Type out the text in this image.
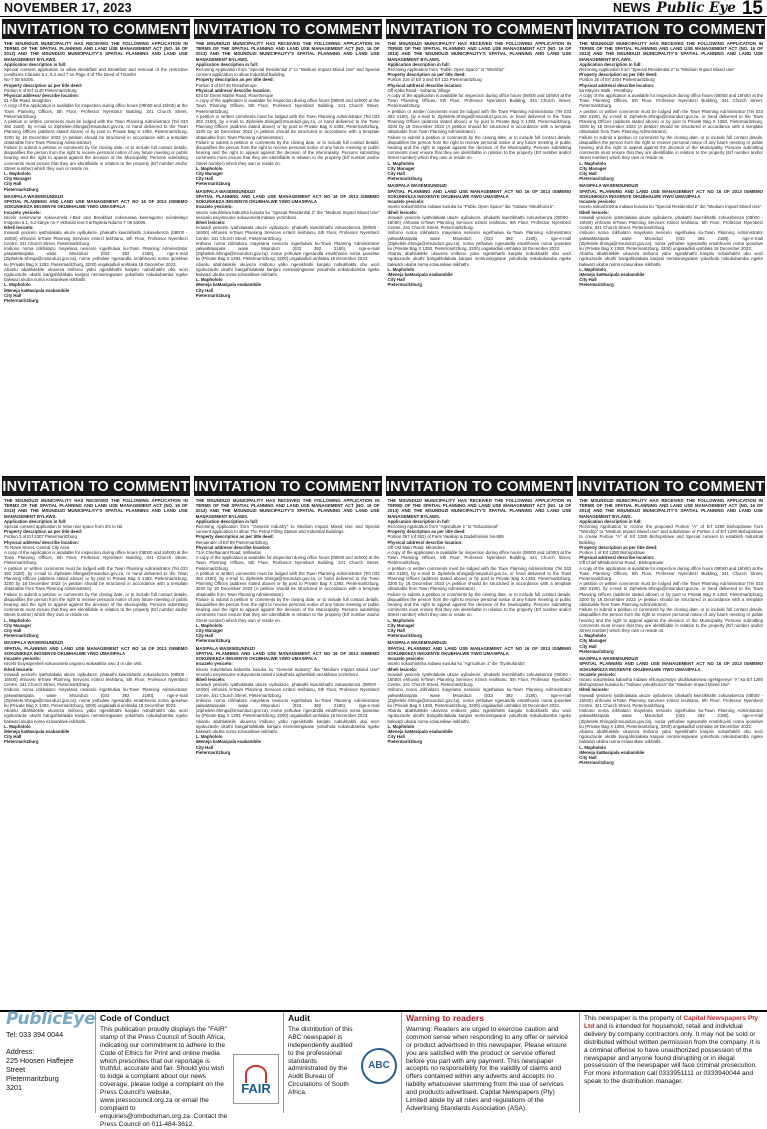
NOVEMBER 17, 2023	NEWS Public Eye 15
INVITATION TO COMMENT

THE MSUNDUZI MUNICIPALITY HAS RECEIVED THE FOLLOWING APPLICATION IN TERMS OF THE SPATIAL PLANNING AND LAND USE MANAGEMENT ACT (NO. 16 OF 2013) AND THE MSUNDUZI MUNICIPALITY'S SPATIAL PLANNING AND LAND USE MANAGEMENT BYLAWS.

Application description in full:

Special consent application to allow Breakfast and Breakfast and removal of the restrictive conditions Clauses 6.1, 6.2 and 7 on Page 3 of The Deed of Transfer

No-T 08 54006.

Property description as per title deed:

Portion 8 of Erf 1140 Pietermaritzburg

Physical address/ describe location:

51 Alfie Road, Boughton

A copy of the application is available for inspection during office hours (08h00 and 16h00) at the Town Planning Offices, 5th Floor, Professor Nyembezi Building, 341 Church Street, Pietermaritzburg.

A petition or written comments must be lodged with the Town Planning Administrator (Tel 033 392 2180), by e-mail to Ziphelele.Shinga@msunduzi.gov.za, or hand delivered to the Town Planning Offices (address stated above) or by post to Private Bag X 1393, Pietermaritzburg, 3200 by 18 December 2023 (A petition should be structured in accordance with a template obtainable from Town Planning Administrator).

Failure to submit a petition or comments by the closing date, or to include full contact details, disqualifies the person from the right to receive personal notice of any future meeting or public hearing and the right to appeal against the decision of the Municipality. Persons submitting comments must ensure that they are identifiable in relation to the property (Erf number and/or Street number) which they own or reside on.

L. Maphololo

City Manager

City Hall

Pietermaritzburg

MASIPALA WASEMSUNDUZI

SPATIAL PLANNING AND LAND USE MANAGEMENT ACT NO 16 OF 2013 ISIMEMO SOKUNIKEZA INGXENYE OKUBHALWE YIWO UMASIPALA

Incazelo yesicelo:

Isicelo sesimvume sokuvumela i-Bed and Breakfast nokususwa kwemigomo evimbelayo Imigomo 6.1, 6.2 kanye no-7 ekhasini lesi-3 leTayitela Ndumo T 08 54006.

Ikheli lesicelo:

Inowadi yesicelo iyatholakala ukuze uyibukeze, phakathi kwezikhathi zokusebenza (08h00 - 16h00) ehhovisi leTown Planning Services ezitezi lesihlanu, 5th Floor, Professor Nyembezi Centre, 341 Church Street, Pietermaritzburg.

Imibono noma izikhalazo mayelana nesicelo ingethulwa ku-Town Planning Administrator yakwaMasipala wase Msunduzi (033 392 2180), nge-e-mail (Ziphelele.Shinga@msunduzi.gov.za), noma yethulwe ngesandla emahhovisi noma iposelwe ku (Private Bag X 1393, Pietermaritzburg, 3200) ungakadluli umhlaka 18 December 2023.

Abantu abahlulekile ukuveza imibono yabo ngesikhathi kanjalo nobukhakhi obu wozi ngokuzacile ukuthi bangahlolakala kanjani nemininingwane yokuthola nokukubamba ngeke bakwazi ukuba noma eziwunikwe isikhathi.

L. Maphololo

iMeneja kaMasipala esabambile

City Hall

Pietermaritzburg

INVITATION TO COMMENT

THE MSUNDUZI MUNICIPALITY HAS RECEIVED THE FOLLOWING APPLICATION IN TERMS OF THE SPATIAL PLANNING AND LAND USE MANAGEMENT ACT (NO. 16 OF 2013) AND THE MSUNDUZI MUNICIPALITY'S SPATIAL PLANNING AND LAND USE MANAGEMENT BYLAWS.

Application description in full:

Rezoning Application from "Special Residential 2" to "Medium Impact Mixed Use" and Special consent application to allow Industrial Building.

Property description as per title deed:

Portion 3 of Erf 30 Rosetherope

Physical address/ describe location:

634 Dr Denis Mathe Road, Rosetherope

A copy of the application is available for inspection during office hours (08h00 and 16h00) at the Town Planning Offices, 5th Floor, Professor Nyembezi Building, 341 Church Street, Pietermaritzburg.

A petition or written comments must be lodged with the Town Planning Administrator (Tel 033 392 2180), by e-mail to Ziphelele.Shinga@msunduzi.gov.za, or hand delivered to the Town Planning Offices (address stated above) or by post to Private Bag X 1393, Pietermaritzburg, 3200 by 18 December 2023 (A petition should be structured in accordance with a template obtainable from Town Planning Administrator).

Failure to submit a petition or comments by the closing date, or to include full contact details, disqualifies the person from the right to receive personal notice of any future meeting or public hearing and the right to appeal against the decision of the Municipality. Persons submitting comments must ensure that they are identifiable in relation to the property (Erf number and/or Street number) which they own or reside on.

L. Maphololo

City Manager

City Hall

Pietermaritzburg

MASIPALA WASEMSUNDUZI

SPATIAL PLANNING AND LAND USE MANAGEMENT ACT NO 16 OF 2013 ISIMEMO SOKUNIKEZA INGXENYE OKUBHALWE YIWO UMASIPALA

Incazelo yesicelo:

Isicelo sokuhlelwa kabusha kusuka ku "Special Residential 2" ibe "Medium Impact Mixed Use" nesicelo esiyimvume sokuvumela indawo yezimboni.

Ikheli lesicelo:

Inowadi yesicelo iyatholakala ukuze uyibukeze, phakathi kwezikhathi zokusebenza (08h00 - 16h00) ehhovisi leTown Planning Services ezitezi lesihlanu, 5th Floor, Professor Nyembezi Centre, 341 Church Street, Pietermaritzburg.

Imibono noma izikhalazo mayelana nesicelo ingethulwa ku-Town Planning Administrator yakwaMasipala wase Msunduzi (033 392 2180), nge-e-mail (Ziphelele.Shinga@msunduzi.gov.za), noma yethulwe ngesandla emahhovisi noma iposelwe ku (Private Bag X 1393, Pietermaritzburg, 3200) ungakadluli umhlaka 18 December 2023.

Abantu abahlulekile ukuveza imibono yabo ngesikhathi kanjalo nobukhakhi obu wozi ngokuzacile ukuthi bangahlolakala kanjani nemininingwane yokuthola nokukubamba ngeke bakwazi ukuba noma eziwunikwe isikhathi.

L. Maphololo

iMeneja kaMasipala esabambile

City Hall

Pietermaritzburg

INVITATION TO COMMENT

THE MSUNDUZI MUNICIPALITY HAS RECEIVED THE FOLLOWING APPLICATION IN TERMS OF THE SPATIAL PLANNING AND LAND USE MANAGEMENT ACT (NO. 16 OF 2013) AND THE MSUNDUZI MUNICIPALITY'S SPATIAL PLANNING AND LAND USE MANAGEMENT BYLAWS.

Application description in full:

Rezoning Application from "Public Open Space" to "Worship"

Property description as per title deed:

Portion 216 of Erf 2 and Erf 122 Pietermaritzburg

Physical address/ describe location:

Off Kaba Road - Sobantu Village

A copy of the application is available for inspection during office hours (08h00 and 16h00) at the Town Planning Offices, 5th Floor, Professor Nyembezi Building, 341 Church Street, Pietermaritzburg.

A petition or written comments must be lodged with the Town Planning Administrator (Tel 033 392 2180), by e-mail to Ziphelele.Shinga@msunduzi.gov.za, or hand delivered to the Town Planning Offices (address stated above) or by post to Private Bag X 1393, Pietermaritzburg, 3200 by 18 December 2023 (A petition should be structured in accordance with a template obtainable from Town Planning Administrator).

Failure to submit a petition or comments by the closing date, or to include full contact details, disqualifies the person from the right to receive personal notice of any future meeting or public hearing and the right to appeal against the decision of the Municipality. Persons submitting comments must ensure that they are identifiable in relation to the property (Erf number and/or Street number) which they own or reside on.

L. Maphololo

City Manager

City Hall

Pietermaritzburg

MASIPALA WASEMSUNDUZI

SPATIAL PLANNING AND LAND USE MANAGEMENT ACT NO 16 OF 2013 ISIMEMO SOKUNIKEZA INGXENYE OKUBHALWE YIWO UMASIPALA

Incazelo yesicelo:

Isicelo sokushintsha indawo kusuka ku "Public Open Space" iba "Indawo Yokukhonza".

Ikheli lesicelo:

Inowadi yesicelo iyatholakala ukuze uyibukeze, phakathi kwezikhathi zokusebenza (08h00 - 16h00) ehhovisi leTown Planning Services ezitezi lesihlanu, 5th Floor, Professor Nyembezi Centre, 341 Church Street, Pietermaritzburg.

Imibono noma izikhalazo mayelana nesicelo ingethulwa ku-Town Planning Administrator yakwaMasipala wase Msunduzi (033 392 2180), nge-e-mail (Ziphelele.Shinga@msunduzi.gov.za), noma yethulwe ngesandla emahhovisi noma iposelwe ku (Private Bag X 1393, Pietermaritzburg, 3200) ungakadluli umhlaka 18 December 2023.

Abantu abahlulekile ukuveza imibono yabo ngesikhathi kanjalo nobukhakhi obu wozi ngokuzacile ukuthi bangahlolakala kanjani nemininingwane yokuthola nokukubamba ngeke bakwazi ukuba noma eziwunikwe isikhathi.

L. Maphololo

iMeneja kaMasipala esabambile

City Hall

Pietermaritzburg

INVITATION TO COMMENT

THE MSUNDUZI MUNICIPALITY HAS RECEIVED THE FOLLOWING APPLICATION IN TERMS OF THE SPATIAL PLANNING AND LAND USE MANAGEMENT ACT (NO. 16 OF 2013) AND THE MSUNDUZI MUNICIPALITY'S SPATIAL PLANNING AND LAND USE MANAGEMENT BYLAWS.

Application description in full:

Rezoning Application from "Special Residential 2" to "Medium Impact Mixed Use"

Property description as per title deed:

Portion 26 of Erf 3304 Pietermaritzburg

Physical address/ describe location:

5a Mayors Walk - Prestbury

A copy of the application is available for inspection during office hours (08h00 and 16h00) at the Town Planning Offices, 5th Floor, Professor Nyembezi Building, 341 Church Street, Pietermaritzburg.

A petition or written comments must be lodged with the Town Planning Administrator (Tel 033 392 2180), by e-mail to Ziphelele.Shinga@msunduzi.gov.za, or hand delivered to the Town Planning Offices (address stated above) or by post to Private Bag X 1393, Pietermaritzburg, 3200 by 18 December 2023 (A petition should be structured in accordance with a template obtainable from Town Planning Administrator).

Failure to submit a petition or comments by the closing date, or to include full contact details, disqualifies the person from the right to receive personal notice of any future meeting or public hearing and the right to appeal against the decision of the Municipality. Persons submitting comments must ensure that they are identifiable in relation to the property (Erf number and/or Street number) which they own or reside on.

L. Maphololo

City Manager

City Hall

Pietermaritzburg

MASIPALA WASEMSUNDUZI

SPATIAL PLANNING AND LAND USE MANAGEMENT ACT NO 16 OF 2013 ISIMEMO SOKUNIKEZA INGXENYE OKUBHALWE YIWO UMASIPALA

Incazelo yesicelo:

Isicelo sokushintsha indawo kusuka ku "Special Residential 2" ibe "Medium Impact Mixed Use".

Ikheli lesicelo:

Inowadi yesicelo iyatholakala ukuze uyibukeze, phakathi kwezikhathi zokusebenza (08h00 - 16h00) ehhovisi leTown Planning Services ezitezi lesihlanu, 5th Floor, Professor Nyembezi Centre, 341 Church Street, Pietermaritzburg.

Imibono noma izikhalazo mayelana nesicelo ingethulwa ku-Town Planning Administrator yakwaMasipala wase Msunduzi (033 392 2180), nge-e-mail (Ziphelele.Shinga@msunduzi.gov.za), noma yethulwe ngesandla emahhovisi noma iposelwe ku (Private Bag X 1393, Pietermaritzburg, 3200) ungakadluli umhlaka 18 December 2023.

Abantu abahlulekile ukuveza imibono yabo ngesikhathi kanjalo nobukhakhi obu wozi ngokuzacile ukuthi bangahlolakala kanjani nemininingwane yokuthola nokukubamba ngeke bakwazi ukuba noma eziwunikwe isikhathi.

L. Maphololo

iMeneja kaMasipala esabambile

City Hall

Pietermaritzburg

INVITATION TO COMMENT

THE MSUNDUZI MUNICIPALITY HAS RECEIVED THE FOLLOWING APPLICATION IN TERMS OF THE SPATIAL PLANNING AND LAND USE MANAGEMENT ACT (NO. 16 OF 2013) AND THE MSUNDUZI MUNICIPALITY'S SPATIAL PLANNING AND LAND USE MANAGEMENT BYLAWS.

Application description in full:

Special consent application to relax rear space from 3m to Nil.

Property description as per title deed:

Portion 3 of Erf 2307 Pietermaritzburg

Physical address/ describe location:

75 Rowe Street, Central City Area

A copy of the application is available for inspection during office hours (08h00 and 16h00) at the Town Planning Offices, 5th Floor, Professor Nyembezi Building, 341 Church Street, Pietermaritzburg.

A petition or written comments must be lodged with the Town Planning Administrator (Tel 033 392 2180), by e-mail to Ziphelele.Shinga@msunduzi.gov.za, or hand delivered to the Town Planning Offices (address stated above) or by post to Private Bag X 1393, Pietermaritzburg, 3200 by 18 December 2023 (A petition should be structured in accordance with a template obtainable from Town Planning Administrator).

Failure to submit a petition or comments by the closing date, or to include full contact details, disqualifies the person from the right to receive personal notice of any future meeting or public hearing and the right to appeal against the decision of the Municipality. Persons submitting comments must ensure that they are identifiable in relation to the property (Erf number and/or Street number) which they own or reside on.

L. Maphololo

City Manager

City Hall

Pietermaritzburg

MASIPALA WASEMSUNDUZI

SPATIAL PLANNING AND LAND USE MANAGEMENT ACT NO 16 OF 2013 ISIMEMO SOKUNIKEZA INGXENYE OKUBHALWE YIWO UMASIPALA

Incazelo yesicelo:

Isicelo Esiyisipesheli sokuvumela ungamo wokwakha owu 3 m ube uNil.

Ikheli lesicelo:

Inowadi yesicelo iyatholakala ukuze uyibukeze, phakathi kwezikhathi zokusebenza (08h00 - 16h00) ehhovisi leTown Planning Services ezitezi lesihlanu, 5th Floor, Professor Nyembezi Centre, 341 Church Street, Pietermaritzburg.

Imibono noma izikhalazo mayelana nesicelo ingethulwa ku-Town Planning Administrator yakwaMasipala wase Msunduzi (033 392 2180), nge-e-mail (Ziphelele.Shinga@msunduzi.gov.za), noma yethulwe ngesandla emahhovisi noma iposelwe ku (Private Bag X 1393, Pietermaritzburg, 3200) ungakadluli umhlaka 18 December 2023.

Abantu abahlulekile ukuveza imibono yabo ngesikhathi kanjalo nobukhakhi obu wozi ngokuzacile ukuthi bangahlolakala kanjani nemininingwane yokuthola nokukubamba ngeke bakwazi ukuba noma eziwunikwe isikhathi.

L. Maphololo

iMeneja kaMasipala esabambile

City Hall

Pietermaritzburg

INVITATION TO COMMENT

THE MSUNDUZI MUNICIPALITY HAS RECEIVED THE FOLLOWING APPLICATION IN TERMS OF THE SPATIAL PLANNING AND LAND USE MANAGEMENT ACT (NO. 16 OF 2013) AND THE MSUNDUZI MUNICIPALITY'S SPATIAL PLANNING AND LAND USE MANAGEMENT BYLAWS.

Application description in full:

Rezoning Application from "General Industry" to Medium Impact Mixed Use and Special consent application to allow The Petrol Filling Station and Industrial Buildings.

Property description as per title deed:

Remainder of Erf 89 Pietermaritzburg

Physical address/ describe location:

71/A Chieftainant Road, Willowton

A copy of the application is available for inspection during office hours (08h00 and 16h00) at the Town Planning Offices, 5th Floor, Professor Nyembezi Building, 341 Church Street, Pietermaritzburg.

A petition or written comments must be lodged with the Town Planning Administrator (Tel 033 392 2180), by e-mail to Ziphelele.Shinga@msunduzi.gov.za, or hand delivered to the Town Planning Offices (address stated above) or by post to Private Bag X 1393, Pietermaritzburg, 3200 by 18 December 2023 (A petition should be structured in accordance with a template obtainable from Town Planning Administrator).

Failure to submit a petition or comments by the closing date, or to include full contact details, disqualifies the person from the right to receive personal notice of any future meeting or public hearing and the right to appeal against the decision of the Municipality. Persons submitting comments must ensure that they are identifiable in relation to the property (Erf number and/or Street number) which they own or reside on.

L. Maphololo

City Manager

City Hall

Pietermaritzburg

MASIPALA WASEMSUNDUZI

SPATIAL PLANNING AND LAND USE MANAGEMENT ACT NO 16 OF 2013 ISIMEMO SOKUNIKEZA INGXENYE OKUBHALWE YIWO UMASIPALA

Incazelo yesicelo:

Isicelo sokuhlelwa kabusha kusuka ku "General Industry" iba "Medium Impact Mixed Use" nesicelo esiyimvume sokuvumela isiteshi sokuthela uphethiloli nezakhiwo zezimboni.

Ikheli lesicelo:

Inowadi yesicelo iyatholakala ukuze uyibukeze, phakathi kwezikhathi zokusebenza (08h00 - 16h00) ehhovisi leTown Planning Services ezitezi lesihlanu, 5th Floor, Professor Nyembezi Centre, 341 Church Street, Pietermaritzburg.

Imibono noma izikhalazo mayelana nesicelo ingethulwa ku-Town Planning Administrator yakwaMasipala wase Msunduzi (033 392 2180), nge-e-mail (Ziphelele.Shinga@msunduzi.gov.za), noma yethulwe ngesandla emahhovisi noma iposelwe ku (Private Bag X 1393, Pietermaritzburg, 3200) ungakadluli umhlaka 18 December 2023.

Abantu abahlulekile ukuveza imibono yabo ngesikhathi kanjalo nobukhakhi obu wozi ngokuzacile ukuthi bangahlolakala kanjani nemininingwane yokuthola nokukubamba ngeke bakwazi ukuba noma eziwunikwe isikhathi.

L. Maphololo

iMeneja kaMasipala esabambile

City Hall

Pietermaritzburg

INVITATION TO COMMENT

THE MSUNDUZI MUNICIPALITY HAS RECEIVED THE FOLLOWING APPLICATION IN TERMS OF THE SPATIAL PLANNING AND LAND USE MANAGEMENT ACT (NO. 16 OF 2013) AND THE MSUNDUZI MUNICIPALITY'S SPATIAL PLANNING AND LAND USE MANAGEMENT BYLAWS.

Application description in full:

Rezoning Application from "Agriculture 1" to "Educational"

Property description as per title deed:

Portion 267 (of 263) of Farm Vaalkop & Dadelfontein No-885

Physical address/ describe location:

Off Old Main Road, Mkondeni

A copy of the application is available for inspection during office hours (08h00 and 16h00) at the Town Planning Offices, 5th Floor, Professor Nyembezi Building, 341 Church Street, Pietermaritzburg.

A petition or written comments must be lodged with the Town Planning Administrator (Tel 033 392 2180), by e-mail to Ziphelele.Shinga@msunduzi.gov.za, or hand delivered to the Town Planning Offices (address stated above) or by post to Private Bag X 1393, Pietermaritzburg, 3200 by 18 December 2023 (A petition should be structured in accordance with a template obtainable from Town Planning Administrator).

Failure to submit a petition or comments by the closing date, or to include full contact details, disqualifies the person from the right to receive personal notice of any future meeting or public hearing and the right to appeal against the decision of the Municipality. Persons submitting comments must ensure that they are identifiable in relation to the property (Erf number and/or Street number) which they own or reside on.

L. Maphololo

City Manager

City Hall

Pietermaritzburg

MASIPALA WASEMSUNDUZI

SPATIAL PLANNING AND LAND USE MANAGEMENT ACT NO 16 OF 2013 ISIMEMO SOKUNIKEZA INGXENYE OKUBHALWE YIWO UMASIPALA

Incazelo yesicelo:

Isicelo sokushintsha indawo kusuka ku "Agriculture 1" ibe "Eyokufunda".

Ikheli lesicelo:

Inowadi yesicelo iyatholakala ukuze uyibukeze, phakathi kwezikhathi zokusebenza (08h00 - 16h00) ehhovisi leTown Planning Services ezitezi lesihlanu, 5th Floor, Professor Nyembezi Centre, 341 Church Street, Pietermaritzburg.

Imibono noma izikhalazo mayelana nesicelo ingethulwa ku-Town Planning Administrator yakwaMasipala wase Msunduzi (033 392 2180), nge-e-mail (Ziphelele.Shinga@msunduzi.gov.za), noma yethulwe ngesandla emahhovisi noma iposelwe ku (Private Bag X 1393, Pietermaritzburg, 3200) ungakadluli umhlaka 18 December 2023.

Abantu abahlulekile ukuveza imibono yabo ngesikhathi kanjalo nobukhakhi obu wozi ngokuzacile ukuthi bangahlolakala kanjani nemininingwane yokuthola nokukubamba ngeke bakwazi ukuba noma eziwunikwe isikhathi.

L. Maphololo

iMeneja kaMasipala esabambile

City Hall

Pietermaritzburg

INVITATION TO COMMENT

THE MSUNDUZI MUNICIPALITY HAS RECEIVED THE FOLLOWING APPLICATION IN TERMS OF THE SPATIAL PLANNING AND LAND USE MANAGEMENT ACT (NO. 16 OF 2013) AND THE MSUNDUZI MUNICIPALITY'S SPATIAL PLANNING AND LAND USE MANAGEMENT BYLAWS.

Application description in full:

Rezoning Application to rezone the proposed Portion "A" of Erf 1280 Bishopstowe from "Worship" to "Medium Impact Mixed Use" and subdivision of Portion 1 of Erf 1280 Bishopstowe to create Portion "A" of Erf 1280 Bishopstowe and Special consent to establish Industrial Building.

Property description as per title deed:

Portion 1 of Erf 1280 Bishopstowe

Physical address/ describe location:

Off Chief Mhlabunzima Road - Bishopstowe

A copy of the application is available for inspection during office hours (08h00 and 16h00) at the Town Planning Offices, 5th Floor, Professor Nyembezi Building, 341 Church Street, Pietermaritzburg.

A petition or written comments must be lodged with the Town Planning Administrator (Tel 033 392 2180), by e-mail to Ziphelele.Shinga@msunduzi.gov.za, or hand delivered to the Town Planning Offices (address stated above) or by post to Private Bag X 1393, Pietermaritzburg, 3200 by 18 December 2023 (A petition should be structured in accordance with a template obtainable from Town Planning Administrator).

Failure to submit a petition or comments by the closing date, or to include full contact details, disqualifies the person from the right to receive personal notice of any future meeting or public hearing and the right to appeal against the decision of the Municipality. Persons submitting comments must ensure that they are identifiable in relation to the property (Erf number and/or Street number) which they own or reside on.

L. Maphololo

City Manager

City Hall

Pietermaritzburg

MASIPALA WASEMSUNDUZI

SPATIAL PLANNING AND LAND USE MANAGEMENT ACT NO 16 OF 2013 ISIMEMO SOKUNIKEZA INGXENYE OKUBHALWE YIWO UMASIPALA

Incazelo yesicelo:

Isicelo sokuhlelwa kabusha indawo ehlongozwayo ukuhlukaniswa ngeNgxenye "A" ka Erf 1280 Bishopstowe kusuka ku "Indawo yokukhonza" ibe "Medium Impact Mixed Use".

Ikheli lesicelo:

Inowadi yesicelo iyatholakala ukuze uyibukeze, phakathi kwezikhathi zokusebenza (08h00 - 16h00) ehhovisi leTown Planning Services ezitezi lesihlanu, 5th Floor, Professor Nyembezi Centre, 341 Church Street, Pietermaritzburg.

Imibono noma izikhalazo mayelana nesicelo ingethulwa ku-Town Planning Administrator yakwaMasipala wase Msunduzi (033 392 2180), nge-e-mail (Ziphelele.Shinga@msunduzi.gov.za), noma yethulwe ngesandla emahhovisi noma iposelwe ku (Private Bag X 1393, Pietermaritzburg, 3200) ungakadluli umhlaka 18 December 2023.

Abantu abahlulekile ukuveza imibono yabo ngesikhathi kanjalo nobukhakhi obu wozi ngokuzacile ukuthi bangahlolakala kanjani nemininingwane yokuthola nokukubamba ngeke bakwazi ukuba noma eziwunikwe isikhathi.

L. Maphololo

iMeneja kaMasipala esabambile

City Hall

Pietermaritzburg

PublicEye
Tel: 033 394 0044
Address:
225 Hoosen Haffejee Street
Pietermaritzburg
3201
Code of Conduct
This publication proudly displays the "FAIR" stamp of the Press Council of South Africa, indicating our commitment to adhere to the Code of Ethics for Print and online media which prescribes that our reportage is truthful, accurate and fair. Should you wish to lodge a complaint about our news coverage, please lodge a complaint on the Press Council's website, www.presscouncil.org.za or email the complaint to enquiries@ombudsman.org.za. Contact the Press Council on 011-484-3612.
FAIR
Audit
The distribution of this ABC newspaper is independently audited to the professional standards administrated by the Audit Bureau of Circulations of South Africa.
ABC
Warning to readers
Warning: Readers are urged to exercise caution and common sense when responding to any offer or service or product advertised in this newspaper. Please ensure you are satisfied with the product or service offered before you part with any payment. This newspaper accepts no responsibility for the validity of claims and offers contained within any adverts and accepts no liability whatsoever stemming from the use of services and products advertised. Capital Newspapers (Pty) Limited abide by all rules and regulations of the Advertising Standards Association (ASA).
This newspaper is the property of Capital Newspapers Pty Ltd and is intended for household, retail and individual delivery by company contractors only. It may not be sold or distributed without written permission from the company. It is a criminal offense to have unauthorized possession of the newspaper and anyone found disrupting or in illegal possession of the newspaper will face criminal prosecution. For more information call 0333951111 or 0333940044 and speak to the distribution manager.
